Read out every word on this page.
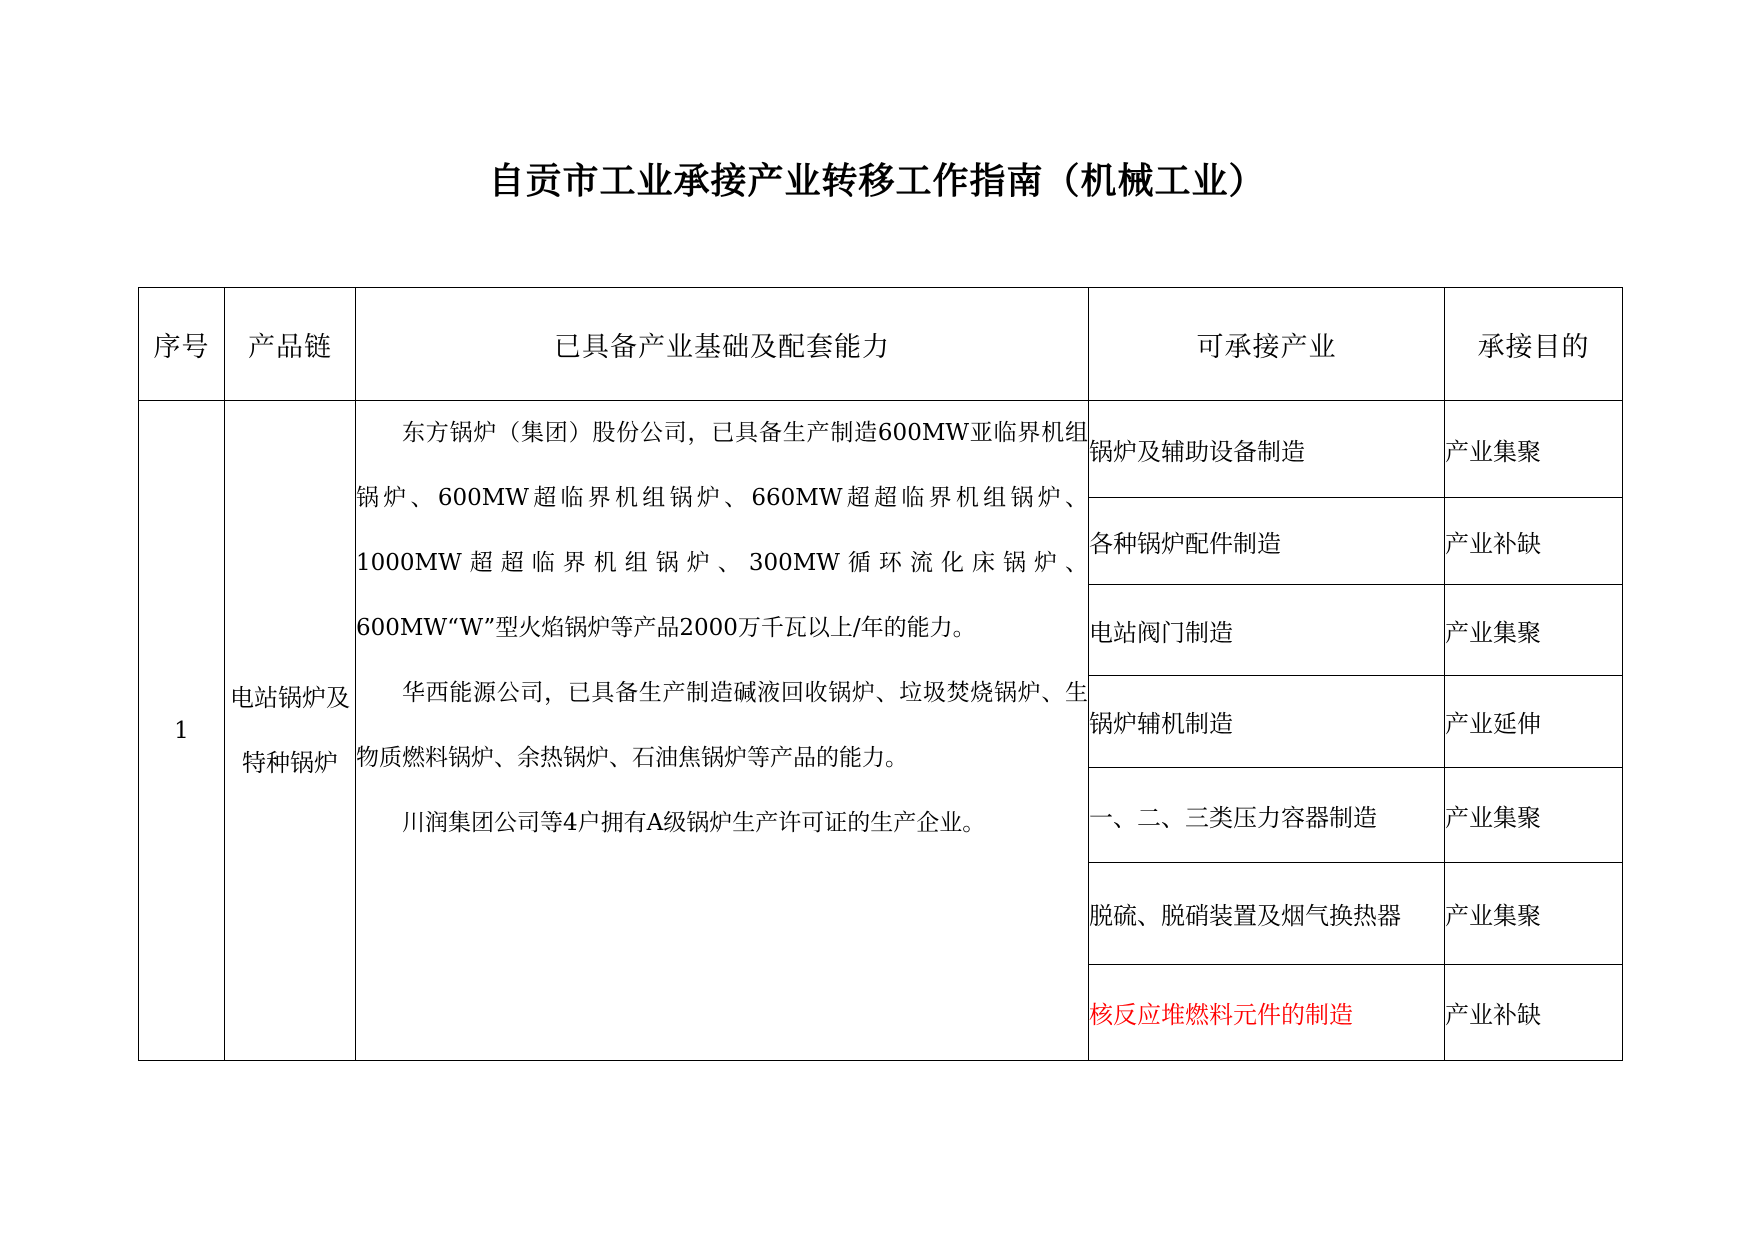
自贡市工业承接产业转移工作指南（机械工业）
序号	产品链	已具备产业基础及配套能力	可承接产业	承接目的
1	电站锅炉及特种锅炉	东方锅炉（集团）股份公司，已具备生产制造600MW亚临界机组锅炉、600MW超临界机组锅炉、660MW超超临界机组锅炉、1000MW超超临界机组锅炉、300MW循环流化床锅炉、600MW“W”型火焰锅炉等产品2000万千瓦以上/年的能力。

华西能源公司，已具备生产制造碱液回收锅炉、垃圾焚烧锅炉、生物质燃料锅炉、余热锅炉、石油焦锅炉等产品的能力。

川润集团公司等4户拥有A级锅炉生产许可证的生产企业。	锅炉及辅助设备制造	产业集聚
			各种锅炉配件制造	产业补缺
			电站阀门制造	产业集聚
			锅炉辅机制造	产业延伸
			一、二、三类压力容器制造	产业集聚
			脱硫、脱硝装置及烟气换热器	产业集聚
			核反应堆燃料元件的制造	产业补缺
